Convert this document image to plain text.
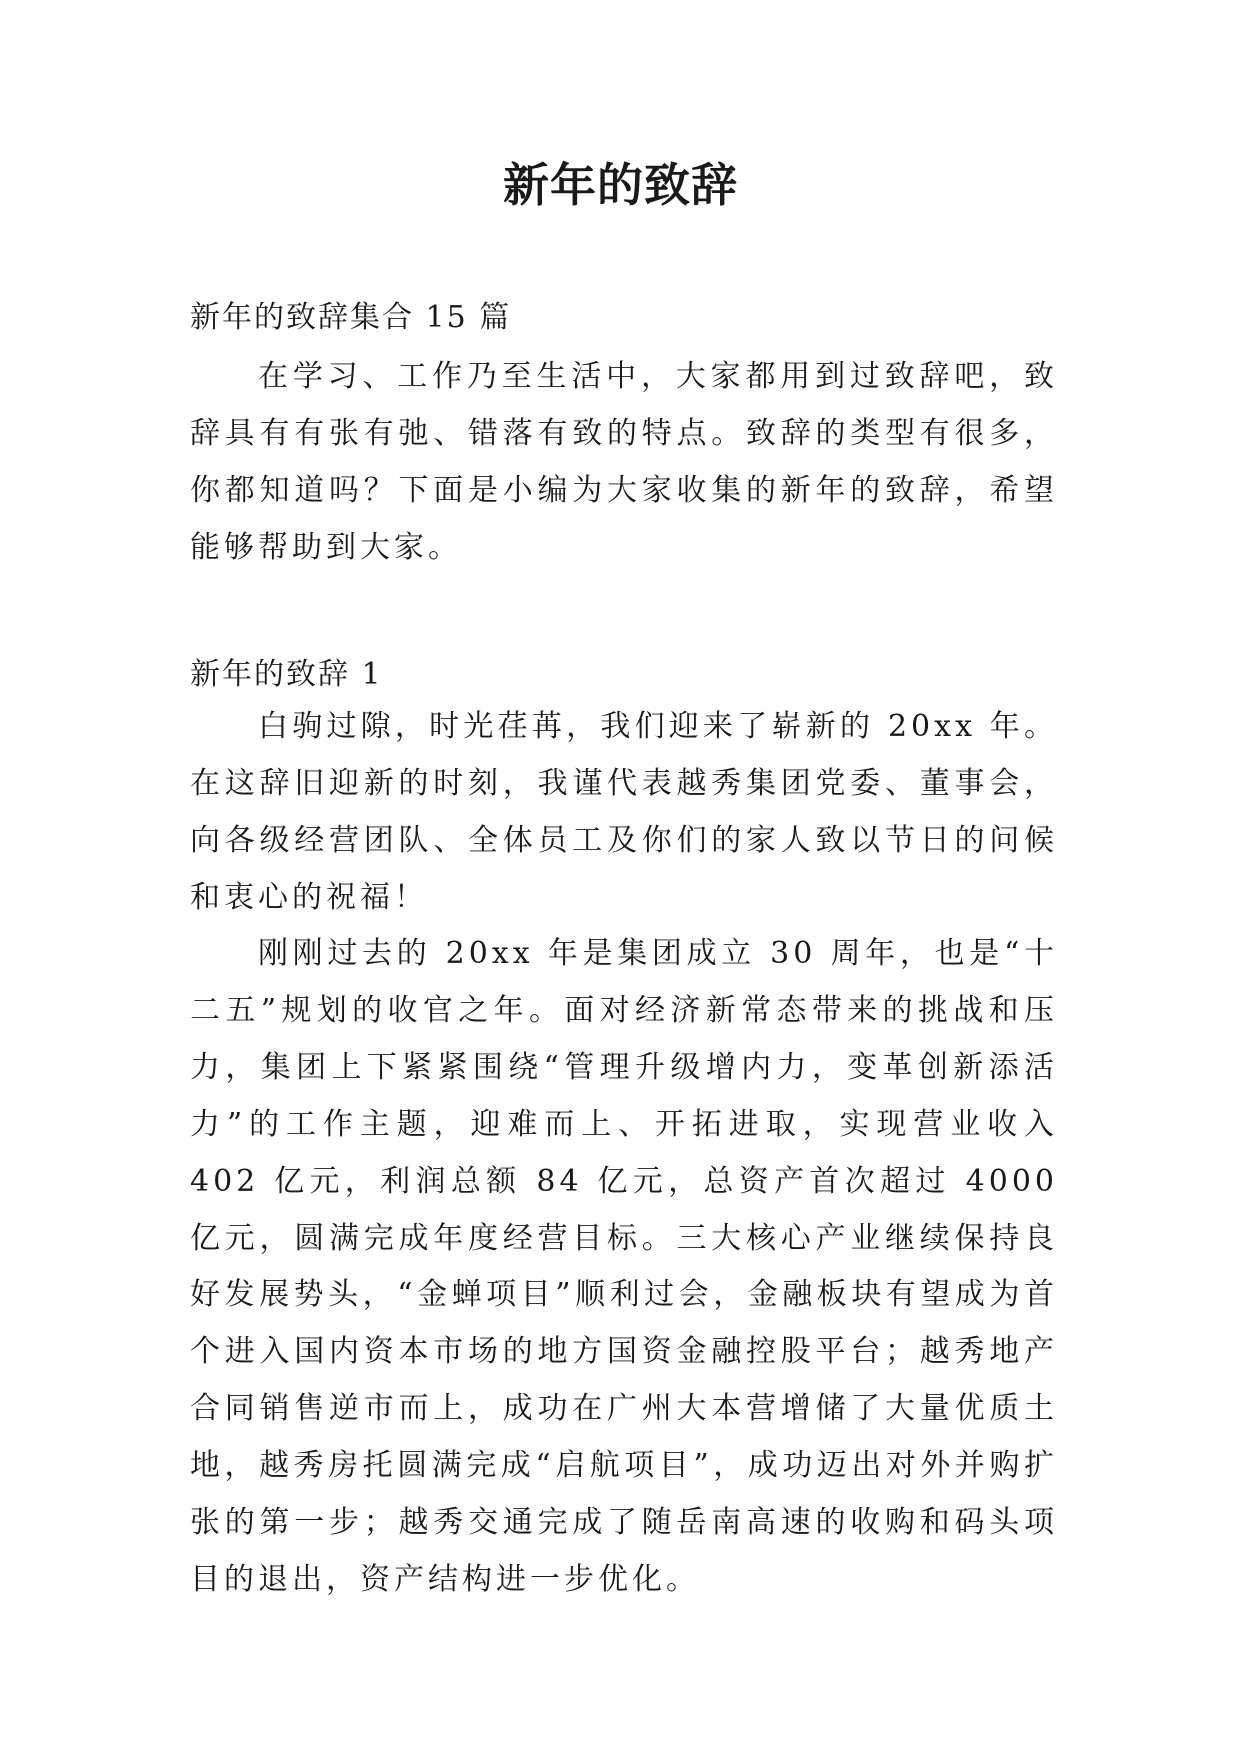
新年的致辞
新年的致辞集合 15 篇

在学习、工作乃至生活中，大家都用到过致辞吧，致辞具有有张有弛、错落有致的特点。致辞的类型有很多，你都知道吗？下面是小编为大家收集的新年的致辞，希望能够帮助到大家。

新年的致辞 1

白驹过隙，时光荏苒，我们迎来了崭新的 20xx 年。在这辞旧迎新的时刻，我谨代表越秀集团党委、董事会，向各级经营团队、全体员工及你们的家人致以节日的问候和衷心的祝福！

刚刚过去的 20xx 年是集团成立 30 周年，也是“十二五”规划的收官之年。面对经济新常态带来的挑战和压力，集团上下紧紧围绕“管理升级增内力，变革创新添活力”的工作主题，迎难而上、开拓进取，实现营业收入 402 亿元，利润总额 84 亿元，总资产首次超过 4000 亿元，圆满完成年度经营目标。三大核心产业继续保持良好发展势头，“金蝉项目”顺利过会，金融板块有望成为首个进入国内资本市场的地方国资金融控股平台；越秀地产合同销售逆市而上，成功在广州大本营增储了大量优质土地，越秀房托圆满完成“启航项目”，成功迈出对外并购扩张的第一步；越秀交通完成了随岳南高速的收购和码头项目的退出，资产结构进一步优化。
